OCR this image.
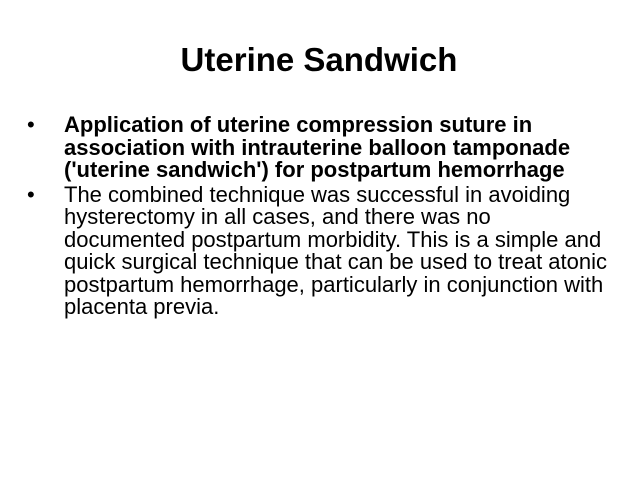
Uterine Sandwich
• Application of uterine compression suture in association with intrauterine balloon tamponade ('uterine sandwich') for postpartum hemorrhage
• The combined technique was successful in avoiding hysterectomy in all cases, and there was no documented postpartum morbidity. This is a simple and quick surgical technique that can be used to treat atonic postpartum hemorrhage, particularly in conjunction with placenta previa.
